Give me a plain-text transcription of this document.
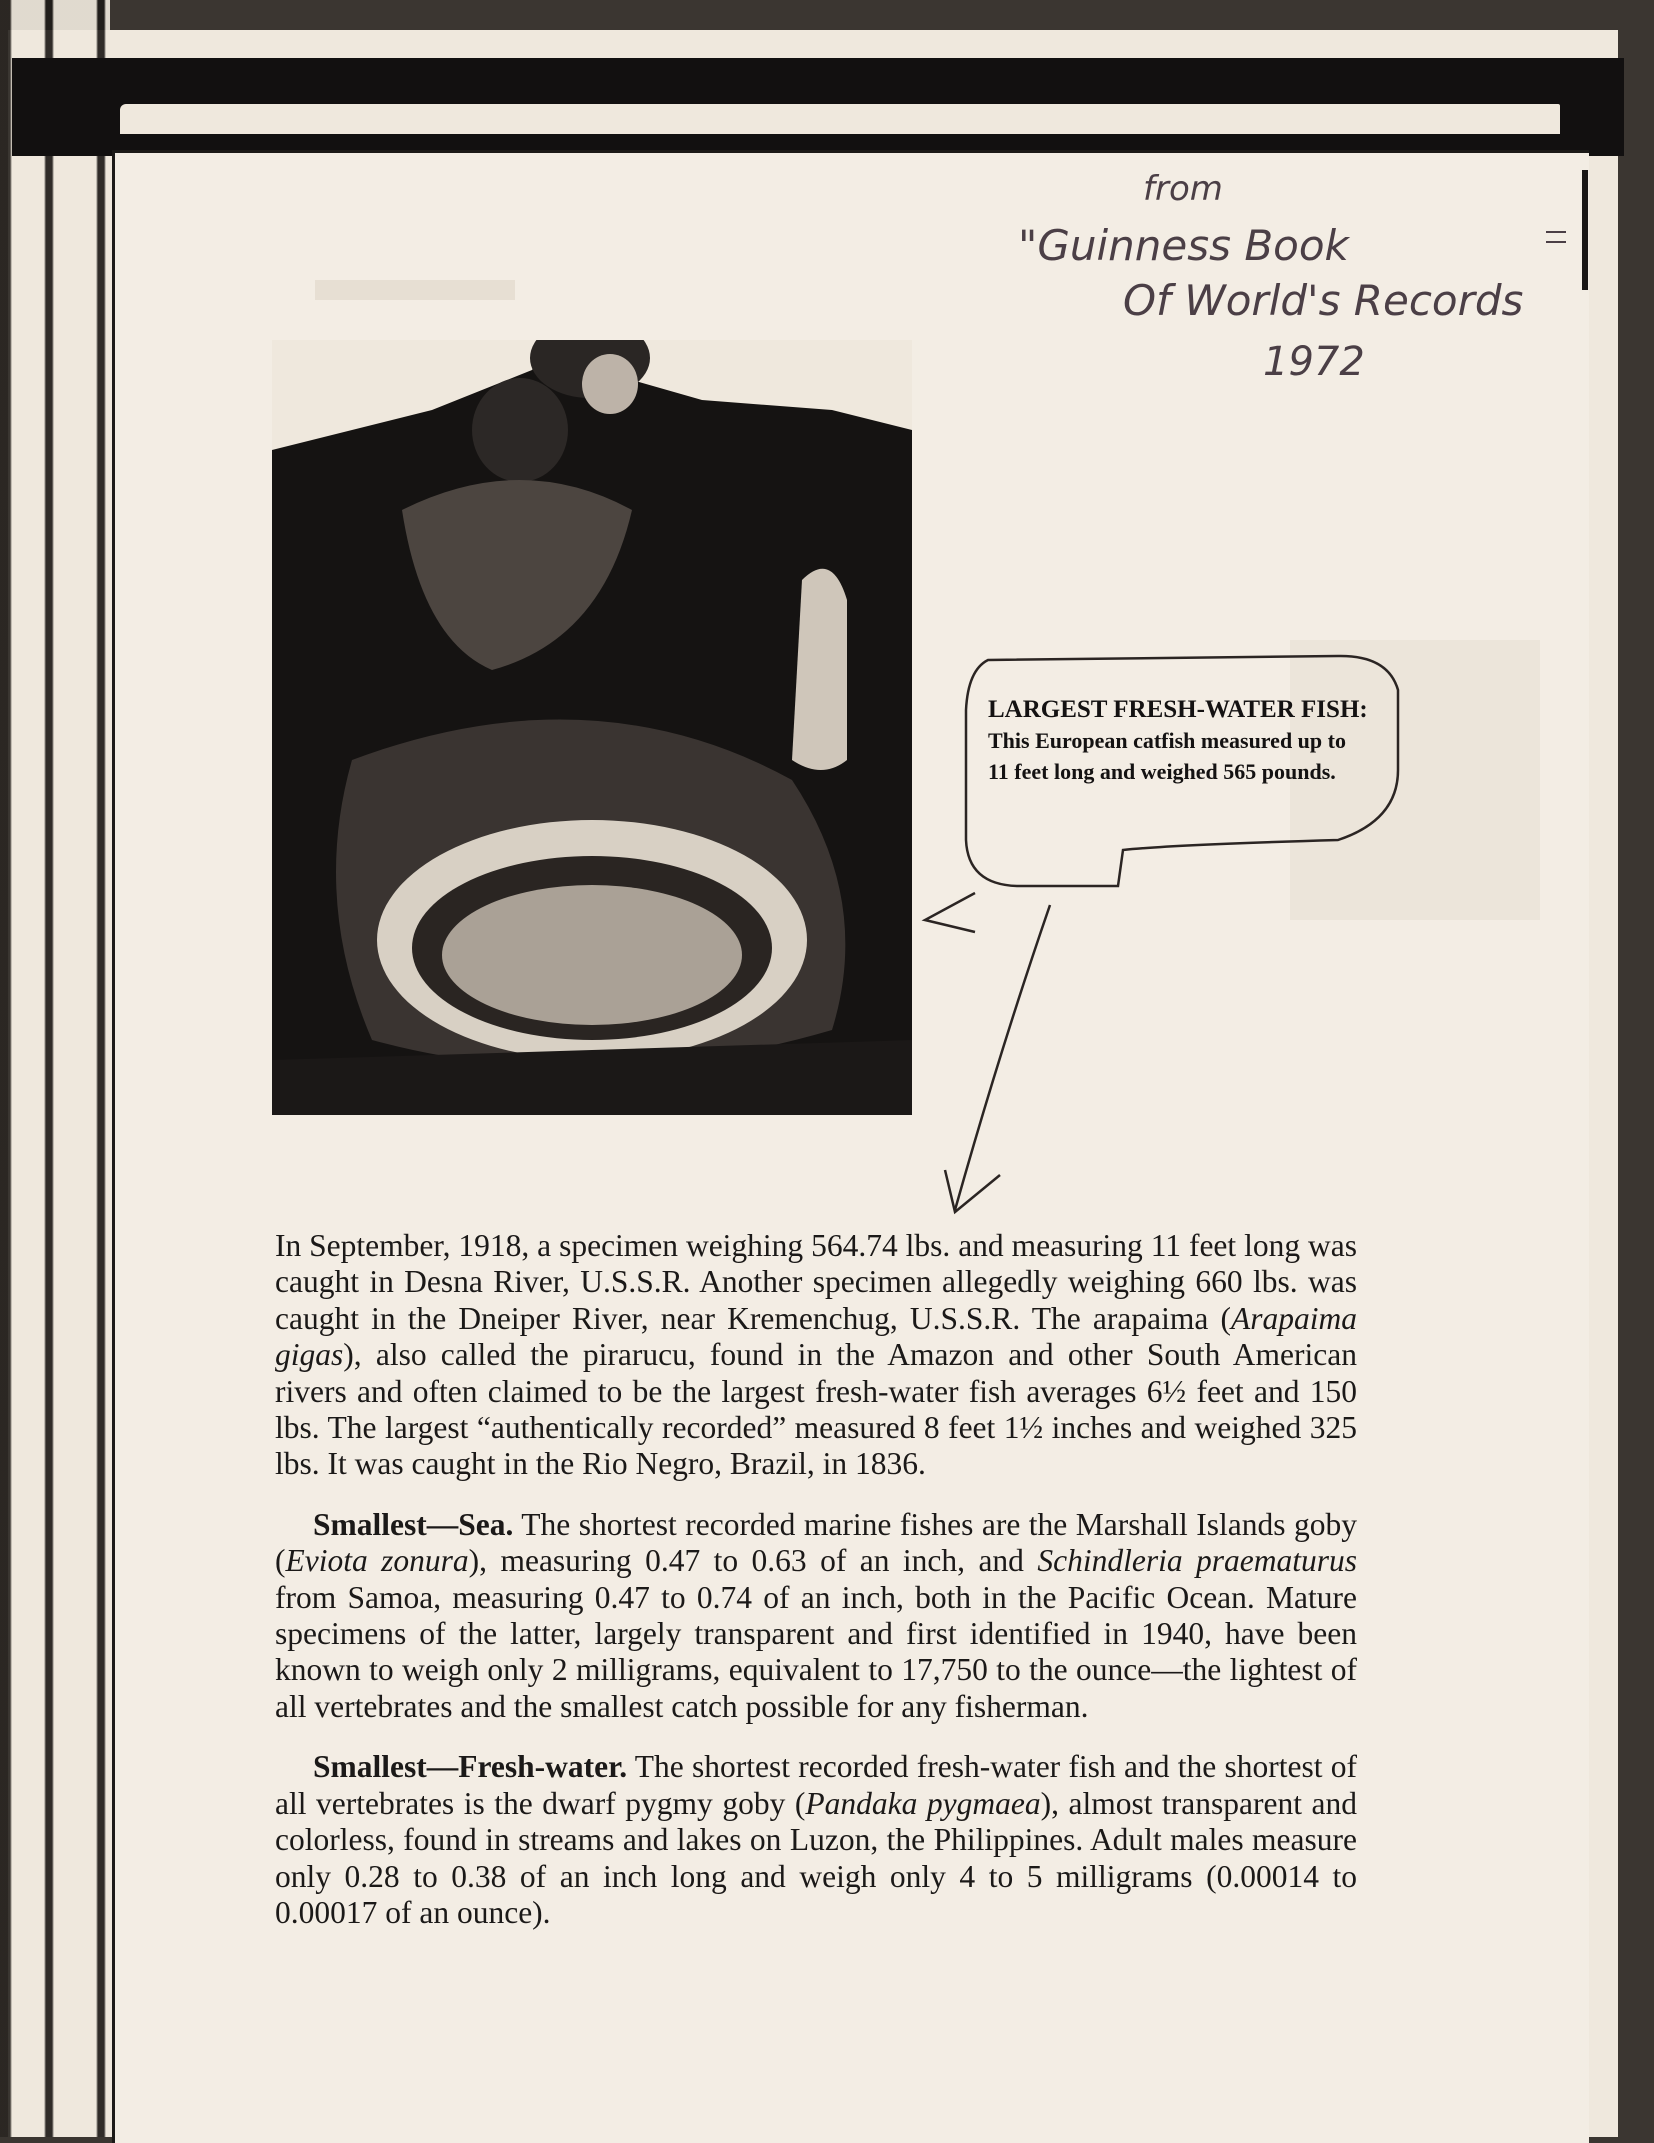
from
"Guinness Book
Of World's Records
1972
LARGEST FRESH-WATER FISH: This European catfish measured up to 11 feet long and weighed 565 pounds.

In September, 1918, a specimen weighing 564.74 lbs. and measuring 11 feet long was caught in Desna River, U.S.S.R. Another specimen allegedly weighing 660 lbs. was caught in the Dneiper River, near Kremenchug, U.S.S.R. The arapaima (Arapaima gigas), also called the pirarucu, found in the Amazon and other South American rivers and often claimed to be the largest fresh-water fish averages 6½ feet and 150 lbs. The largest “authentically recorded” measured 8 feet 1½ inches and weighed 325 lbs. It was caught in the Rio Negro, Brazil, in 1836.

Smallest—Sea. The shortest recorded marine fishes are the Marshall Islands goby (Eviota zonura), measuring 0.47 to 0.63 of an inch, and Schindleria praematurus from Samoa, measuring 0.47 to 0.74 of an inch, both in the Pacific Ocean. Mature specimens of the latter, largely transparent and first identified in 1940, have been known to weigh only 2 milligrams, equivalent to 17,750 to the ounce—the lightest of all vertebrates and the smallest catch possible for any fisherman.

Smallest—Fresh-water. The shortest recorded fresh-water fish and the shortest of all vertebrates is the dwarf pygmy goby (Pandaka pygmaea), almost transparent and colorless, found in streams and lakes on Luzon, the Philippines. Adult males measure only 0.28 to 0.38 of an inch long and weigh only 4 to 5 milligrams (0.00014 to 0.00017 of an ounce).
